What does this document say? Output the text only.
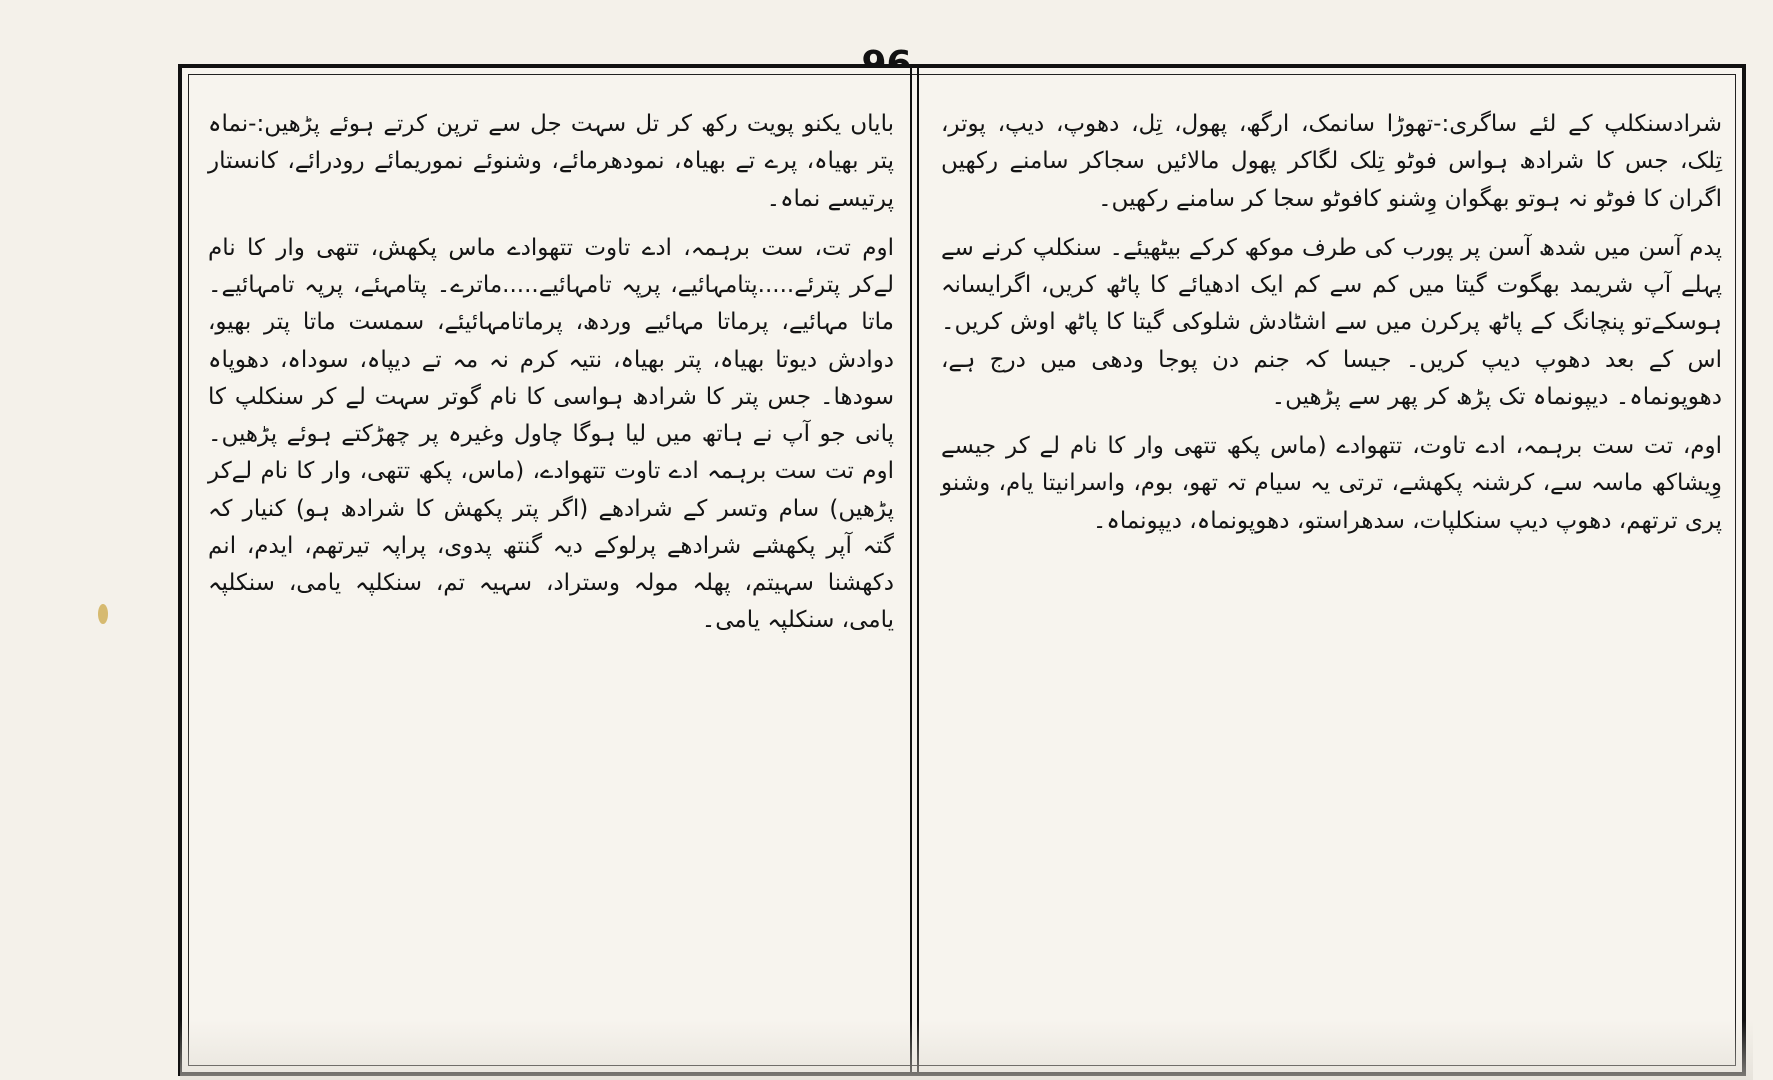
شرادسنکلپ کے لئے ساگری:-تھوڑا سانمک، ارگھ، پھول، تِل، دھوپ، دیپ، پوتر، تِلک، جس کا شرادھ ہواس فوٹو تِلک لگاکر پھول مالائیں سجاکر سامنے رکھیں اگران کا فوٹو نہ ہوتو بھگوان وِشنو کافوٹو سجا کر سامنے رکھیں۔

پدم آسن میں شدھ آسن پر پورب کی طرف موکھ کرکے بیٹھیئے۔ سنکلپ کرنے سے پہلے آپ شریمد بھگوت گیتا میں کم سے کم ایک ادھیائے کا پاٹھ کریں، اگرایسانہ ہوسکےتو پنچانگ کے پاٹھ پرکرن میں سے اشٹادش شلوکی گیتا کا پاٹھ اوش کریں۔ اس کے بعد دھوپ دیپ کریں۔ جیسا کہ جنم دن پوجا ودھی میں درج ہے، دھوپونماہ۔ دیپونماہ تک پڑھ کر پھر سے پڑھیں۔

اوم، تت ست برہمہ، ادے تاوت، تتھوادے (ماس پکھ تتھی وار کا نام لے کر جیسے وِیشاکھ ماسہ سے، کرشنہ پکھشے، ترتی یہ سیام تہ تھو، بوم، واسرانیتا یام، وشنو پری ترتھم، دھوپ دیپ سنکلپات، سدھراستو، دھوپونماہ، دیپونماہ۔

بایاں یکنو پویت رکھ کر تل سہت جل سے ترپن کرتے ہوئے پڑھیں:-نماہ پتر بھیاہ، پرے تے بھیاہ، نمودھرمائے، وشنوئے نموریمائے رودرائے، کانستار پرتیسے نماہ۔

اوم تت، ست برہمہ، ادے تاوت تتھوادے ماس پکھش، تتھی وار کا نام لےکر پترئے.....پتامہائیے، پرپہ تامہائیے.....ماترے۔ پتامہئے، پرپہ تامہائیے۔ ماتا مہائیے، پرماتا مہائیے وردھ، پرماتامہائیئے، سمست ماتا پتر بھیو، دوادش دیوتا بھیاہ، پتر بھیاہ، نتیہ کرم نہ مہ تے دیپاہ، سوداہ، دھوپاہ سودھا۔ جس پتر کا شرادھ ہواسی کا نام گوتر سہت لے کر سنکلپ کا پانی جو آپ نے ہاتھ میں لیا ہوگا چاول وغیرہ پر چھڑکتے ہوئے پڑھیں۔ اوم تت ست برہمہ ادے تاوت تتھوادے، (ماس، پکھ تتھی، وار کا نام لےکر پڑھیں) سام وتسر کے شرادھے (اگر پتر پکھش کا شرادھ ہو) کنیار کہ گتہ آپر پکھشے شرادھے پرلوکے دیہ گنتھ پدوی، پراپہ تیرتھم، ایدم، انم دکھشنا سہیتم، پھلہ مولہ وستراد، سہیہ تم، سنکلپہ یامی، سنکلپہ یامی، سنکلپہ یامی۔
